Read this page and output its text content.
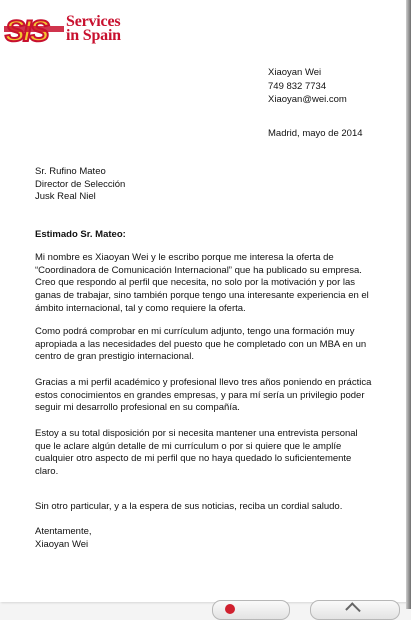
Services
in Spain
Xiaoyan Wei
749 832 7734
Xiaoyan@wei.com
Madrid, mayo de 2014
Sr. Rufino Mateo
Director de Selección
Jusk Real Niel
Estimado Sr. Mateo:
Mi nombre es Xiaoyan Wei y le escribo porque me interesa la oferta de
“Coordinadora de Comunicación Internacional” que ha publicado su empresa.
Creo que respondo al perfil que necesita, no solo por la motivación y por las
ganas de trabajar, sino también porque tengo una interesante experiencia en el
ámbito internacional, tal y como requiere la oferta.
Como podrá comprobar en mi currículum adjunto, tengo una formación muy
apropiada a las necesidades del puesto que he completado con un MBA en un
centro de gran prestigio internacional.
Gracias a mi perfil académico y profesional llevo tres años poniendo en práctica
estos conocimientos en grandes empresas, y para mí sería un privilegio poder
seguir mi desarrollo profesional en su compañía.
Estoy a su total disposición por si necesita mantener una entrevista personal
que le aclare algún detalle de mi currículum o por si quiere que le amplíe
cualquier otro aspecto de mi perfil que no haya quedado lo suficientemente
claro.
Sin otro particular, y a la espera de sus noticias, reciba un cordial saludo.
Atentamente,
Xiaoyan Wei
